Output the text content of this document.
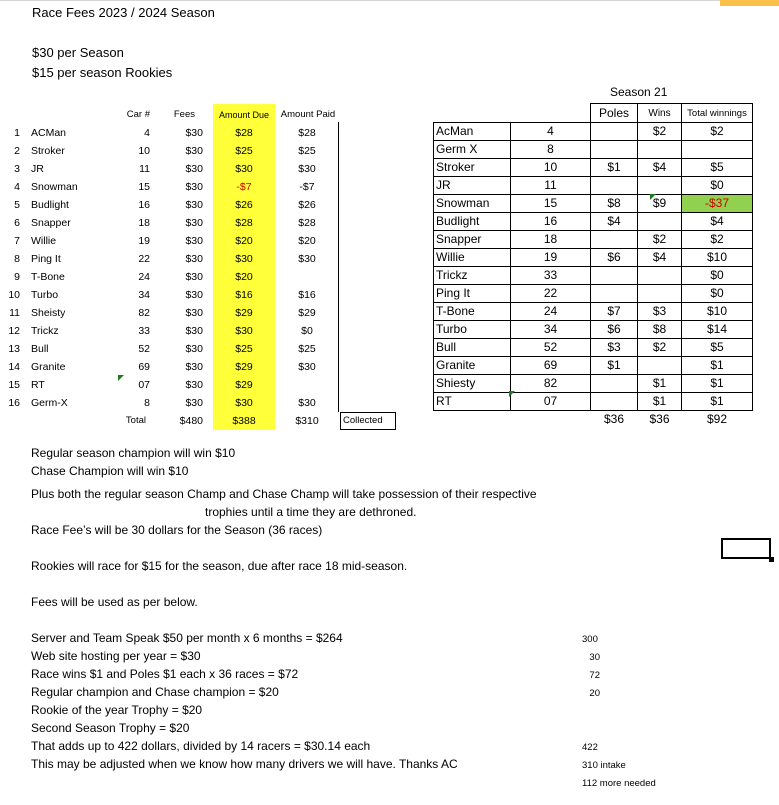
Race Fees 2023 / 2024 Season
$30 per Season
$15 per season Rookies
Car #	Fees	Amount Due	Amount Paid
1 ACMan	4	$30	$28	$28
2 Stroker	10	$30	$25	$25
3 JR	11	$30	$30	$30
4 Snowman	15	$30	-$7	-$7
5 Budlight	16	$30	$26	$26
6 Snapper	18	$30	$28	$28
7 Willie	19	$30	$20	$20
8 Ping It	22	$30	$30	$30
9 T-Bone	24	$30	$20
10 Turbo	34	$30	$16	$16
11 Sheisty	82	$30	$29	$29
12 Trickz	33	$30	$30	$0
13 Bull	52	$30	$25	$25
14 Granite	69	$30	$29	$30
15 RT	07	$30	$29
16 Germ-X	8	$30	$30	$30
Total	$480	$388	$310	Collected
Season 21
		Poles	Wins	Total winnings
AcMan	4		$2	$2
Germ X	8			
Stroker	10	$1	$4	$5
JR	11			$0
Snowman	15	$8	$9	-$37
Budlight	16	$4		$4
Snapper	18		$2	$2
Willie	19	$6	$4	$10
Trickz	33			$0
Ping It	22			$0
T-Bone	24	$7	$3	$10
Turbo	34	$6	$8	$14
Bull	52	$3	$2	$5
Granite	69	$1		$1
Shiesty	82		$1	$1
RT	07		$1	$1
		$36	$36	$92
Regular season champion will win $10
Chase Champion will win $10
Plus both the regular season Champ and Chase Champ will take possession of their respective
trophies until a time they are dethroned.
Race Fee’s will be 30 dollars for the Season (36 races)
Rookies will race for $15 for the season, due after race 18 mid-season.
Fees will be used as per below.
Server and Team Speak $50 per month x 6 months = $264	300
Web site hosting per year = $30	30
Race wins $1 and Poles $1 each x 36 races = $72	72
Regular champion and Chase champion = $20	20
Rookie of the year Trophy = $20
Second Season Trophy = $20
That adds up to 422 dollars, divided by 14 racers = $30.14 each	422
This may be adjusted when we know how many drivers we will have. Thanks AC	310 intake
112 more needed
